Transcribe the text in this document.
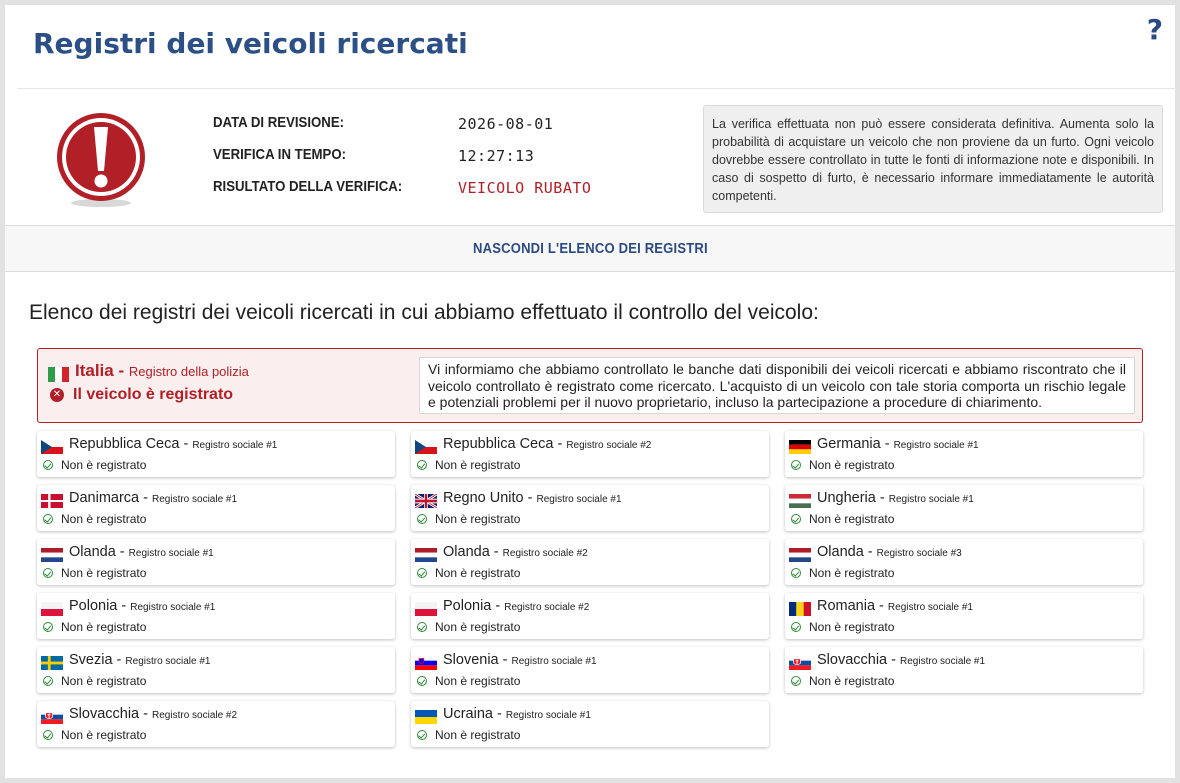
?
Registri dei veicoli ricercati
DATA DI REVISIONE:	2026-08-01
VERIFICA IN TEMPO:	12:27:13
RISULTATO DELLA VERIFICA:	VEICOLO RUBATO
La verifica effettuata non può essere considerata definitiva. Aumenta solo la probabilità di acquistare un veicolo che non proviene da un furto. Ogni veicolo dovrebbe essere controllato in tutte le fonti di informazione note e disponibili. In caso di sospetto di furto, è necessario informare immediatamente le autorità competenti.
NASCONDI L'ELENCO DEI REGISTRI
Elenco dei registri dei veicoli ricercati in cui abbiamo effettuato il controllo del veicolo:
Italia - Registro della polizia
✕ Il veicolo è registrato
Vi informiamo che abbiamo controllato le banche dati disponibili dei veicoli ricercati e abbiamo riscontrato che il veicolo controllato è registrato come ricercato. L'acquisto di un veicolo con tale storia comporta un rischio legale e potenziali problemi per il nuovo proprietario, incluso la partecipazione a procedure di chiarimento.
Repubblica Ceca - Registro sociale #1
Non è registrato
Repubblica Ceca - Registro sociale #2
Non è registrato
Germania - Registro sociale #1
Non è registrato
Danimarca - Registro sociale #1
Non è registrato
Regno Unito - Registro sociale #1
Non è registrato
Ungheria - Registro sociale #1
Non è registrato
Olanda - Registro sociale #1
Non è registrato
Olanda - Registro sociale #2
Non è registrato
Olanda - Registro sociale #3
Non è registrato
Polonia - Registro sociale #1
Non è registrato
Polonia - Registro sociale #2
Non è registrato
Romania - Registro sociale #1
Non è registrato
Svezia - Registro sociale #1
Non è registrato
Slovenia - Registro sociale #1
Non è registrato
Slovacchia - Registro sociale #1
Non è registrato
Slovacchia - Registro sociale #2
Non è registrato
Ucraina - Registro sociale #1
Non è registrato
